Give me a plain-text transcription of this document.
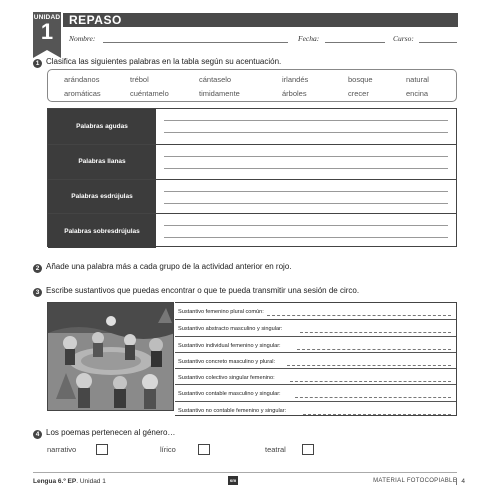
UNIDAD
1	REPASO
Nombre:	Fecha:	Curso:
1 Clasifica las siguientes palabras en la tabla según su acentuación.
arándanos	trébol	cántaselo	irlandés	bosque	natural
aromáticas	cuéntamelo	timidamente	árboles	crecer	encina
Palabras agudas
Palabras llanas
Palabras esdrújulas
Palabras sobresdrújulas
2 Añade una palabra más a cada grupo de la actividad anterior en rojo.
3 Escribe sustantivos que puedas encontrar o que te pueda transmitir una sesión de circo.
Sustantivo femenino plural común:
Sustantivo abstracto masculino y singular:
Sustantivo individual femenino y singular:
Sustantivo concreto masculino y plural:
Sustantivo colectivo singular femenino:
Sustantivo contable masculino y singular:
Sustantivo no contable femenino y singular:
4 Los poemas pertenecen al género…
narrativo	lírico	teatral
Lengua 6.º EP. Unidad 1	sm	MATERIAL FOTOCOPIABLE 4
